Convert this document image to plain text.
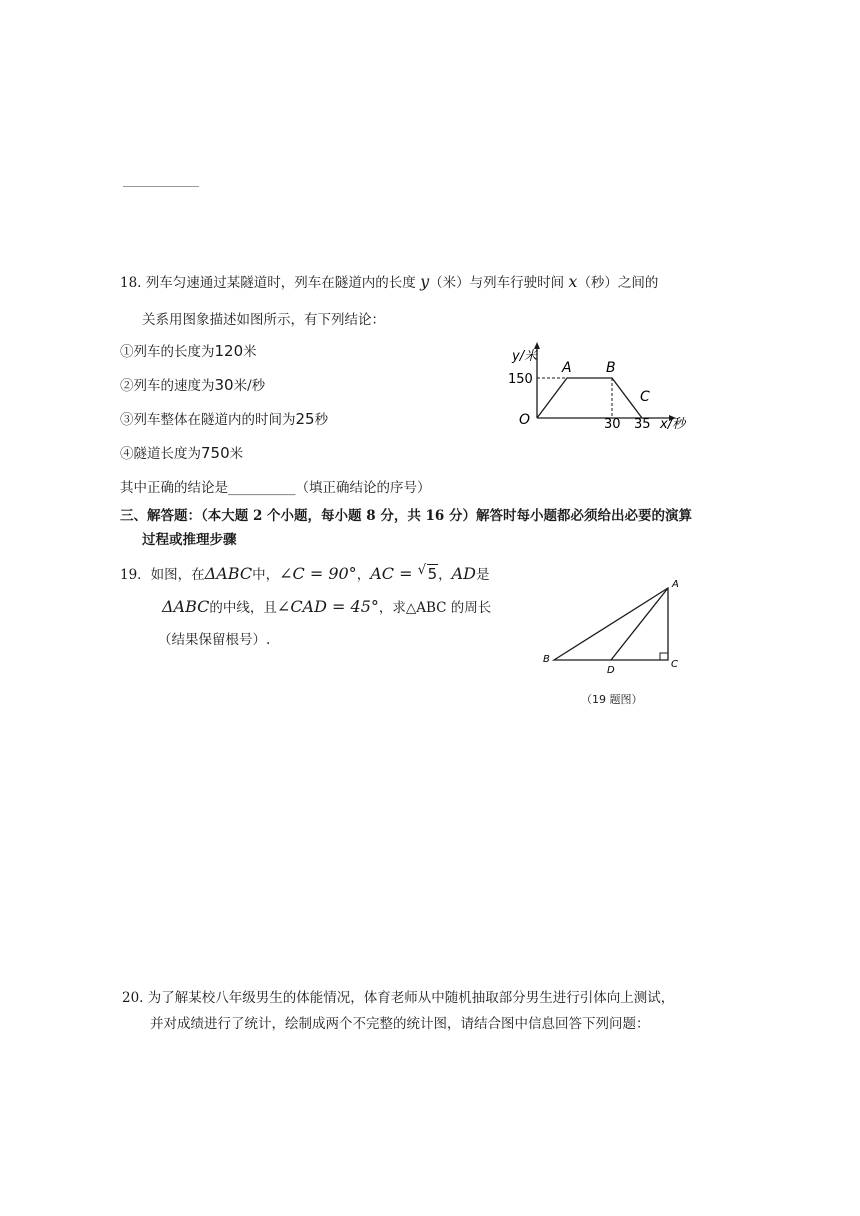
18. 列车匀速通过某隧道时，列车在隧道内的长度 y（米）与列车行驶时间 x（秒）之间的
关系用图象描述如图所示，有下列结论：
①列车的长度为120米
②列车的速度为30米/秒
③列车整体在隧道内的时间为25秒
④隧道长度为750米
其中正确的结论是__________（填正确结论的序号）
y/米
150
A B
C
O	30 35 x/秒
三、解答题：（本大题 2 个小题，每小题 8 分，共 16 分）解答时每小题都必须给出必要的演算
过程或推理步骤
19．如图，在ΔABC中，∠C = 90°，AC = √ 5，AD是
ΔABC的中线，且∠CAD = 45°，求△ABC 的周长
（结果保留根号）.
A
B	C
D
（19 题图）
20. 为了解某校八年级男生的体能情况，体育老师从中随机抽取部分男生进行引体向上测试，
并对成绩进行了统计，绘制成两个不完整的统计图，请结合图中信息回答下列问题：
